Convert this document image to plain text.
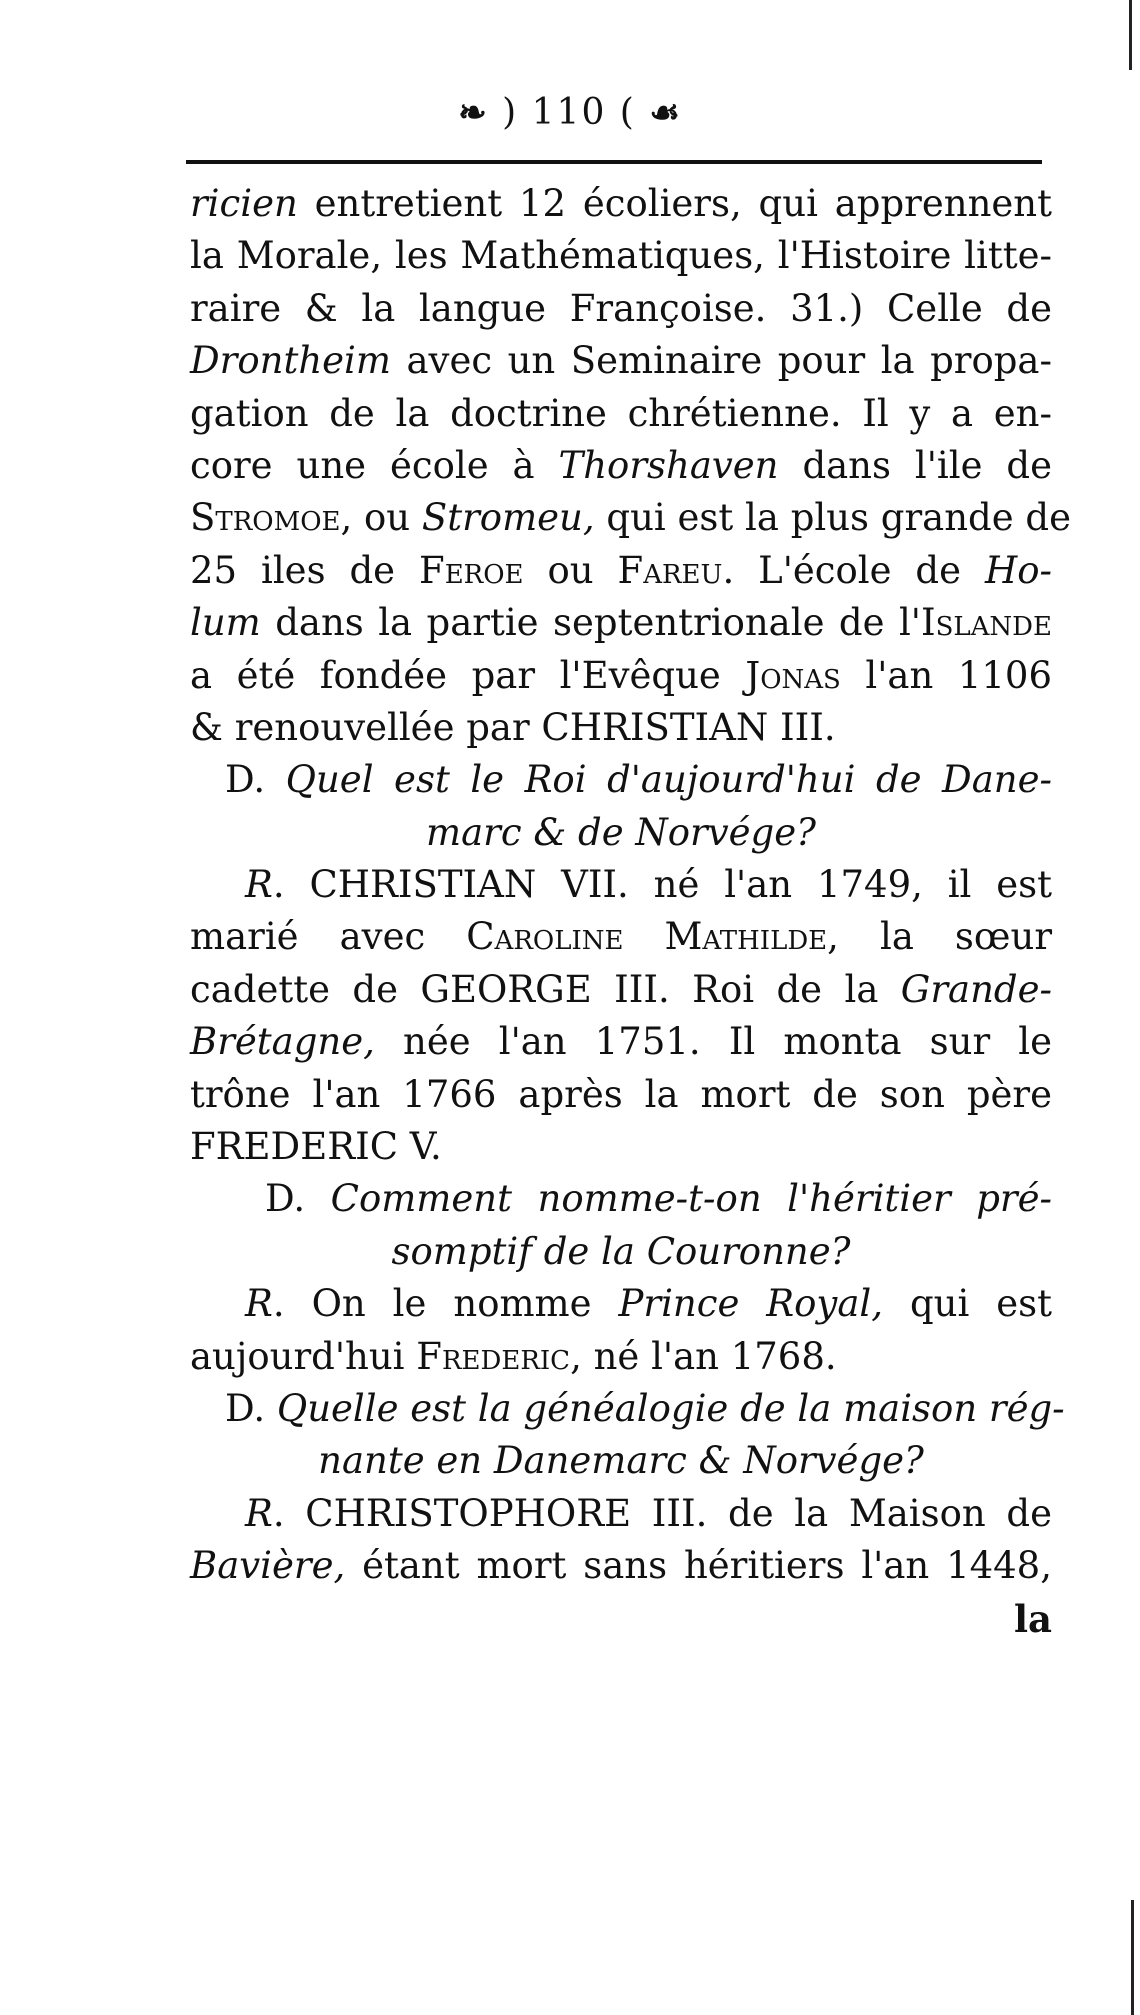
❧ ) 110 ( ☙
ricien entretient 12 écoliers, qui apprennent
la Morale, les Mathématiques, l'Histoire litte-
raire & la langue Françoise. 31.) Celle de
Drontheim avec un Seminaire pour la propa-
gation de la doctrine chrétienne. Il y a en-
core une école à Thorshaven dans l'ile de
Stromoe, ou Stromeu, qui est la plus grande de
25 iles de Feroe ou Fareu. L'école de Ho-
lum dans la partie septentrionale de l'Islande
a été fondée par l'Evêque Jonas l'an 1106
& renouvellée par CHRISTIAN III.
D. Quel est le Roi d'aujourd'hui de Dane-
marc & de Norvége?
R. CHRISTIAN VII. né l'an 1749, il est
marié avec Caroline Mathilde, la sœur
cadette de GEORGE III. Roi de la Grande-
Brétagne, née l'an 1751. Il monta sur le
trône l'an 1766 après la mort de son père
FREDERIC V.
D. Comment nomme-t-on l'héritier pré-
somptif de la Couronne?
R. On le nomme Prince Royal, qui est
aujourd'hui Frederic, né l'an 1768.
D. Quelle est la généalogie de la maison rég-
nante en Danemarc & Norvége?
R. CHRISTOPHORE III. de la Maison de
Bavière, étant mort sans héritiers l'an 1448,
la
